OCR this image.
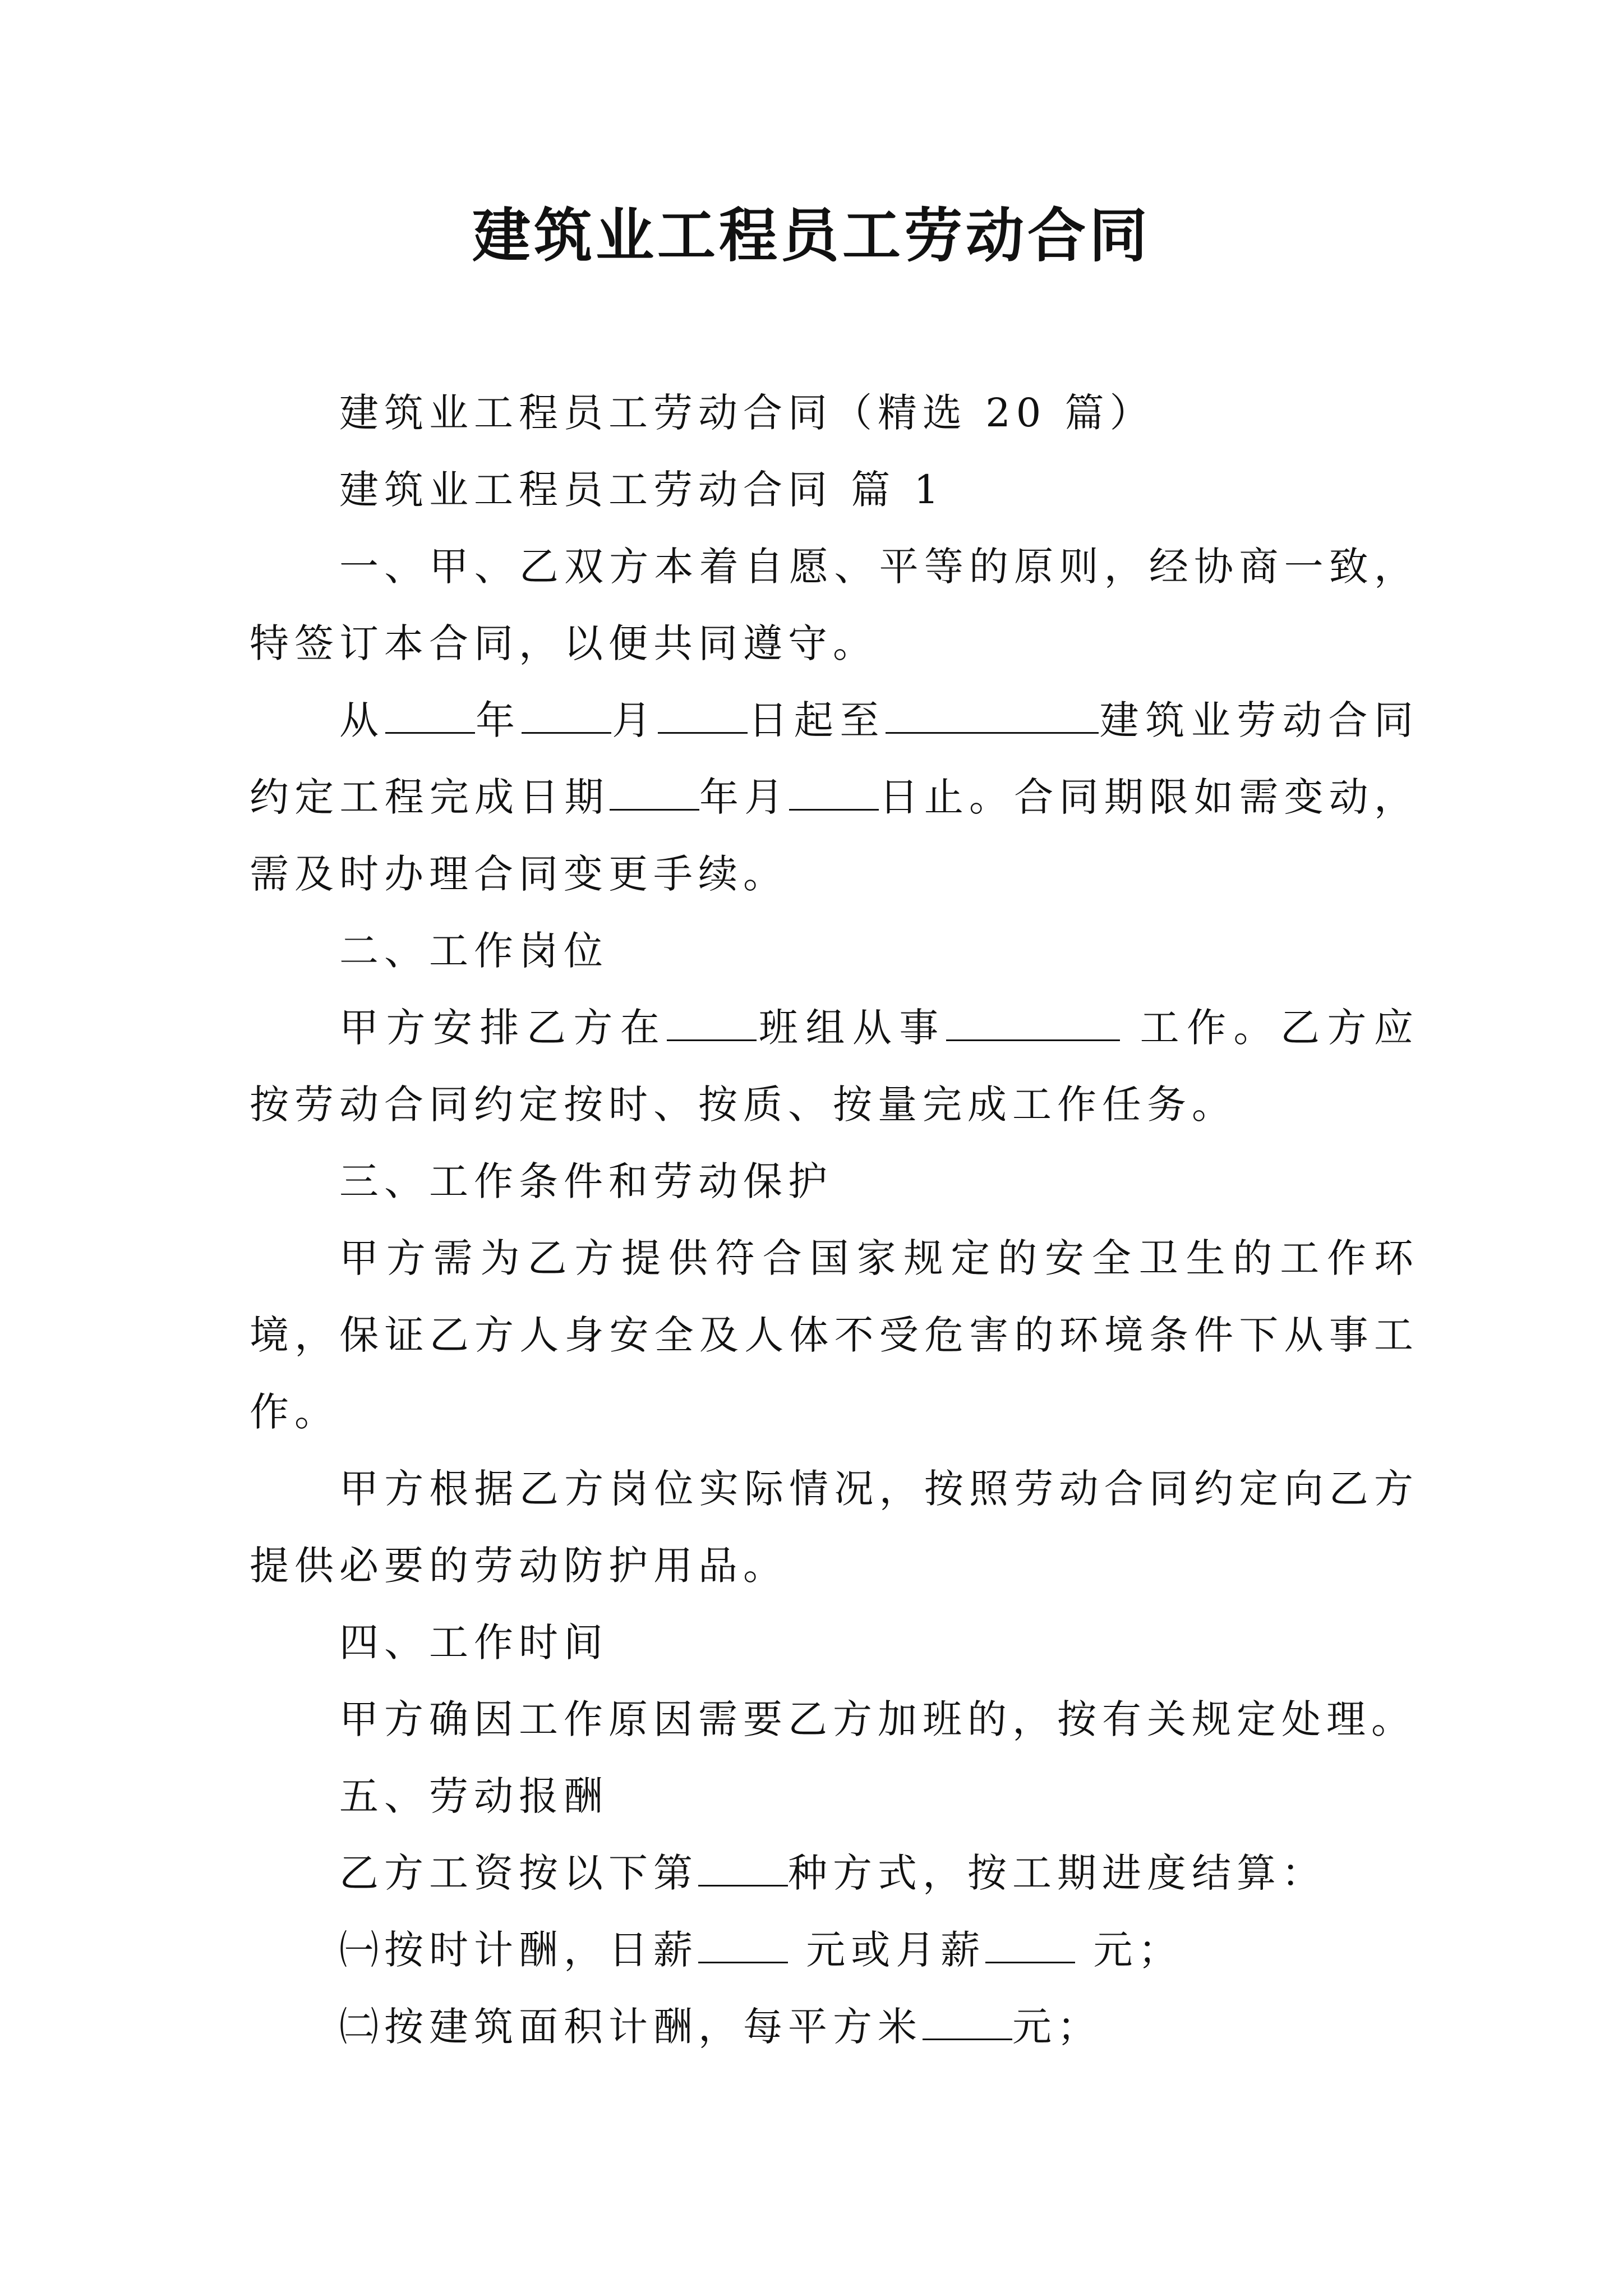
建筑业工程员工劳动合同

建筑业工程员工劳动合同（精选 20 篇）

建筑业工程员工劳动合同 篇 1

一、甲、乙双方本着自愿、平等的原则，经协商一致，特签订本合同，以便共同遵守。

从 年 月 日起至	建筑业劳动合同约定工程完成日期 年月 日止。合同期限如需变动，需及时办理合同变更手续。

二、工作岗位

甲方安排乙方在 班组从事	工作。乙方应按劳动合同约定按时、按质、按量完成工作任务。

三、工作条件和劳动保护

甲方需为乙方提供符合国家规定的安全卫生的工作环境，保证乙方人身安全及人体不受危害的环境条件下从事工作。

甲方根据乙方岗位实际情况，按照劳动合同约定向乙方提供必要的劳动防护用品。

四、工作时间

甲方确因工作原因需要乙方加班的，按有关规定处理。

五、劳动报酬

乙方工资按以下第 种方式，按工期进度结算：

㈠按时计酬，日薪 元或月薪 元；

㈡按建筑面积计酬，每平方米 元；
